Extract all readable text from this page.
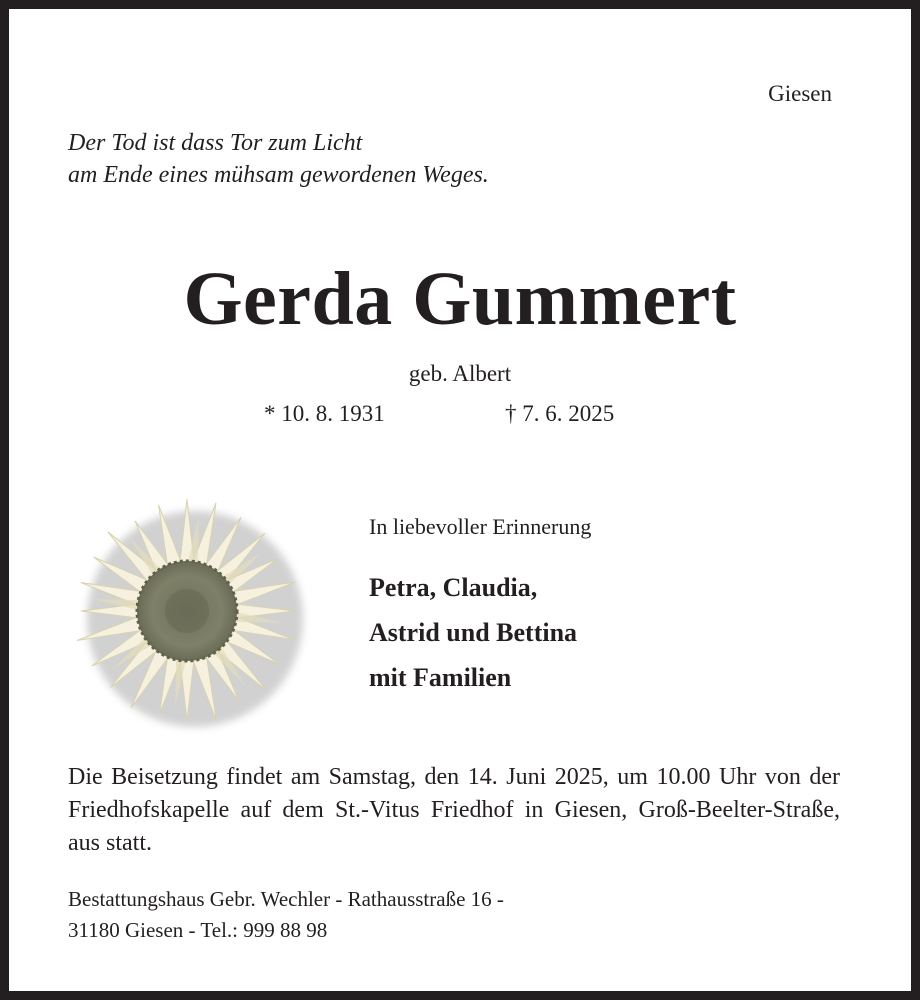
Giesen
Der Tod ist dass Tor zum Licht
am Ende eines mühsam gewordenen Weges.
Gerda Gummert
geb. Albert
* 10. 8. 1931	† 7. 6. 2025
In liebevoller Erinnerung
Petra, Claudia,
Astrid und Bettina
mit Familien
Die Beisetzung findet am Samstag, den 14. Juni 2025, um 10.00 Uhr von der Friedhofskapelle auf dem St.-Vitus Friedhof in Giesen, Groß-Beelter-Straße, aus statt.
Bestattungshaus Gebr. Wechler - Rathausstraße 16 -
31180 Giesen - Tel.: 999 88 98
